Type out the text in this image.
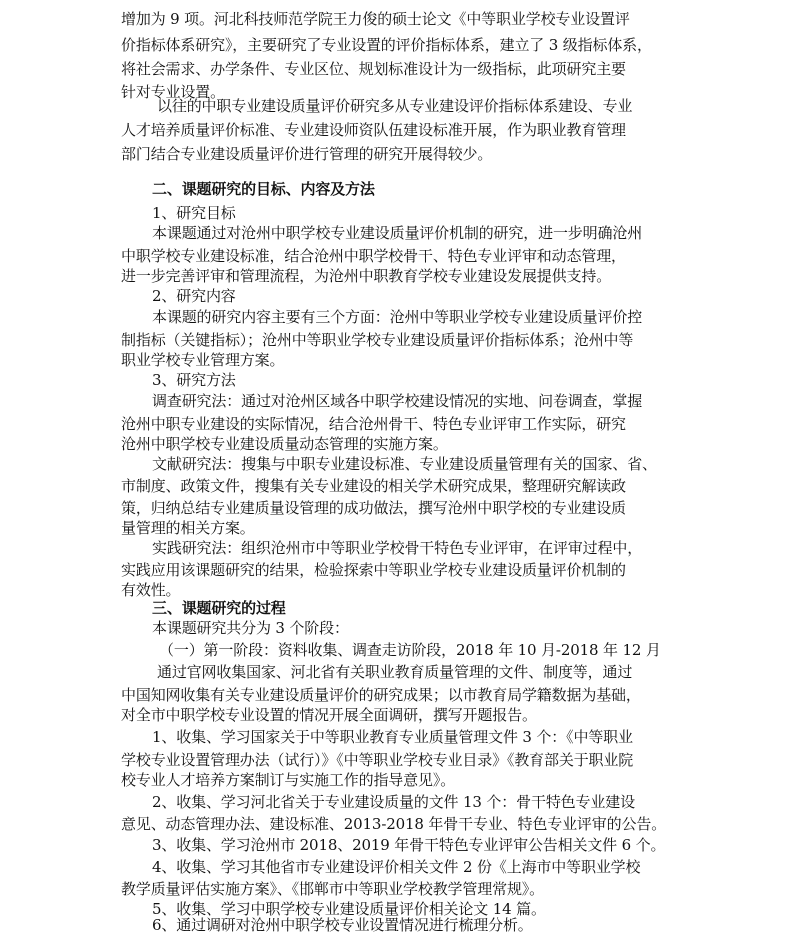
增加为 9 项。河北科技师范学院王力俊的硕士论文《中等职业学校专业设置评
价指标体系研究》，主要研究了专业设置的评价指标体系，建立了 3 级指标体系，
将社会需求、办学条件、专业区位、规划标准设计为一级指标，此项研究主要
针对专业设置。
以往的中职专业建设质量评价研究多从专业建设评价指标体系建设、专业
人才培养质量评价标准、专业建设师资队伍建设标准开展，作为职业教育管理
部门结合专业建设质量评价进行管理的研究开展得较少。
二、课题研究的目标、内容及方法
1、研究目标
本课题通过对沧州中职学校专业建设质量评价机制的研究，进一步明确沧州
中职学校专业建设标准，结合沧州中职学校骨干、特色专业评审和动态管理，
进一步完善评审和管理流程，为沧州中职教育学校专业建设发展提供支持。
2、研究内容
本课题的研究内容主要有三个方面：沧州中等职业学校专业建设质量评价控
制指标（关键指标）；沧州中等职业学校专业建设质量评价指标体系；沧州中等
职业学校专业管理方案。
3、研究方法
调查研究法：通过对沧州区域各中职学校建设情况的实地、问卷调查，掌握
沧州中职专业建设的实际情况，结合沧州骨干、特色专业评审工作实际，研究
沧州中职学校专业建设质量动态管理的实施方案。
文献研究法：搜集与中职专业建设标准、专业建设质量管理有关的国家、省、
市制度、政策文件，搜集有关专业建设的相关学术研究成果，整理研究解读政
策，归纳总结专业建质量设管理的成功做法，撰写沧州中职学校的专业建设质
量管理的相关方案。
实践研究法：组织沧州市中等职业学校骨干特色专业评审，在评审过程中，
实践应用该课题研究的结果，检验探索中等职业学校专业建设质量评价机制的
有效性。
三、课题研究的过程
本课题研究共分为 3 个阶段：
（一）第一阶段：资料收集、调查走访阶段，2018 年 10 月-2018 年 12 月
通过官网收集国家、河北省有关职业教育质量管理的文件、制度等，通过
中国知网收集有关专业建设质量评价的研究成果；以市教育局学籍数据为基础，
对全市中职学校专业设置的情况开展全面调研，撰写开题报告。
1、收集、学习国家关于中等职业教育专业质量管理文件 3 个：《中等职业
学校专业设置管理办法（试行）》《中等职业学校专业目录》《教育部关于职业院
校专业人才培养方案制订与实施工作的指导意见》。
2、收集、学习河北省关于专业建设质量的文件 13 个：骨干特色专业建设
意见、动态管理办法、建设标准、2013-2018 年骨干专业、特色专业评审的公告。
3、收集、学习沧州市 2018、2019 年骨干特色专业评审公告相关文件 6 个。
4、收集、学习其他省市专业建设评价相关文件 2 份《上海市中等职业学校
教学质量评估实施方案》、《邯郸市中等职业学校教学管理常规》。
5、收集、学习中职学校专业建设质量评价相关论文 14 篇。
6、通过调研对沧州中职学校专业设置情况进行梳理分析。
